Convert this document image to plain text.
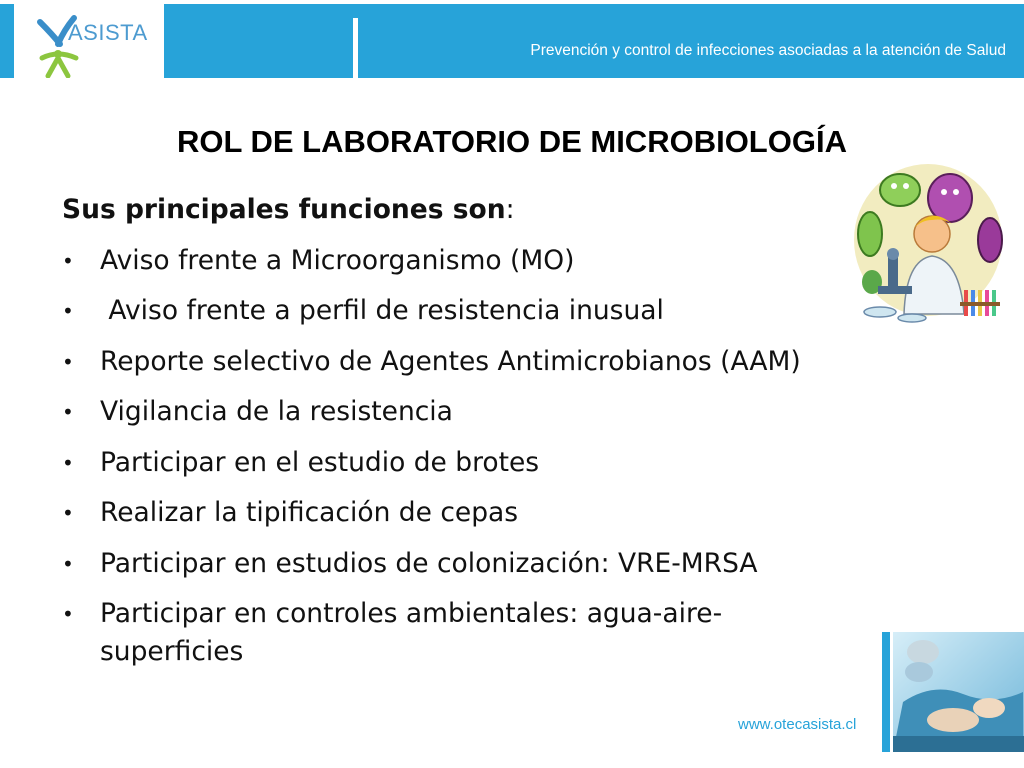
ASISTA
Prevención y control de infecciones asociadas a la atención de Salud
ROL DE LABORATORIO DE MICROBIOLOGÍA

Sus principales funciones son:

• Aviso frente a Microorganismo (MO)
• Aviso frente a perfil de resistencia inusual
• Reporte selectivo de Agentes Antimicrobianos (AAM)
• Vigilancia de la resistencia
• Participar en el estudio de brotes
• Realizar la tipificación de cepas
• Participar en estudios de colonización: VRE-MRSA
• Participar en controles ambientales: agua-aire-superficies
www.otecasista.cl
